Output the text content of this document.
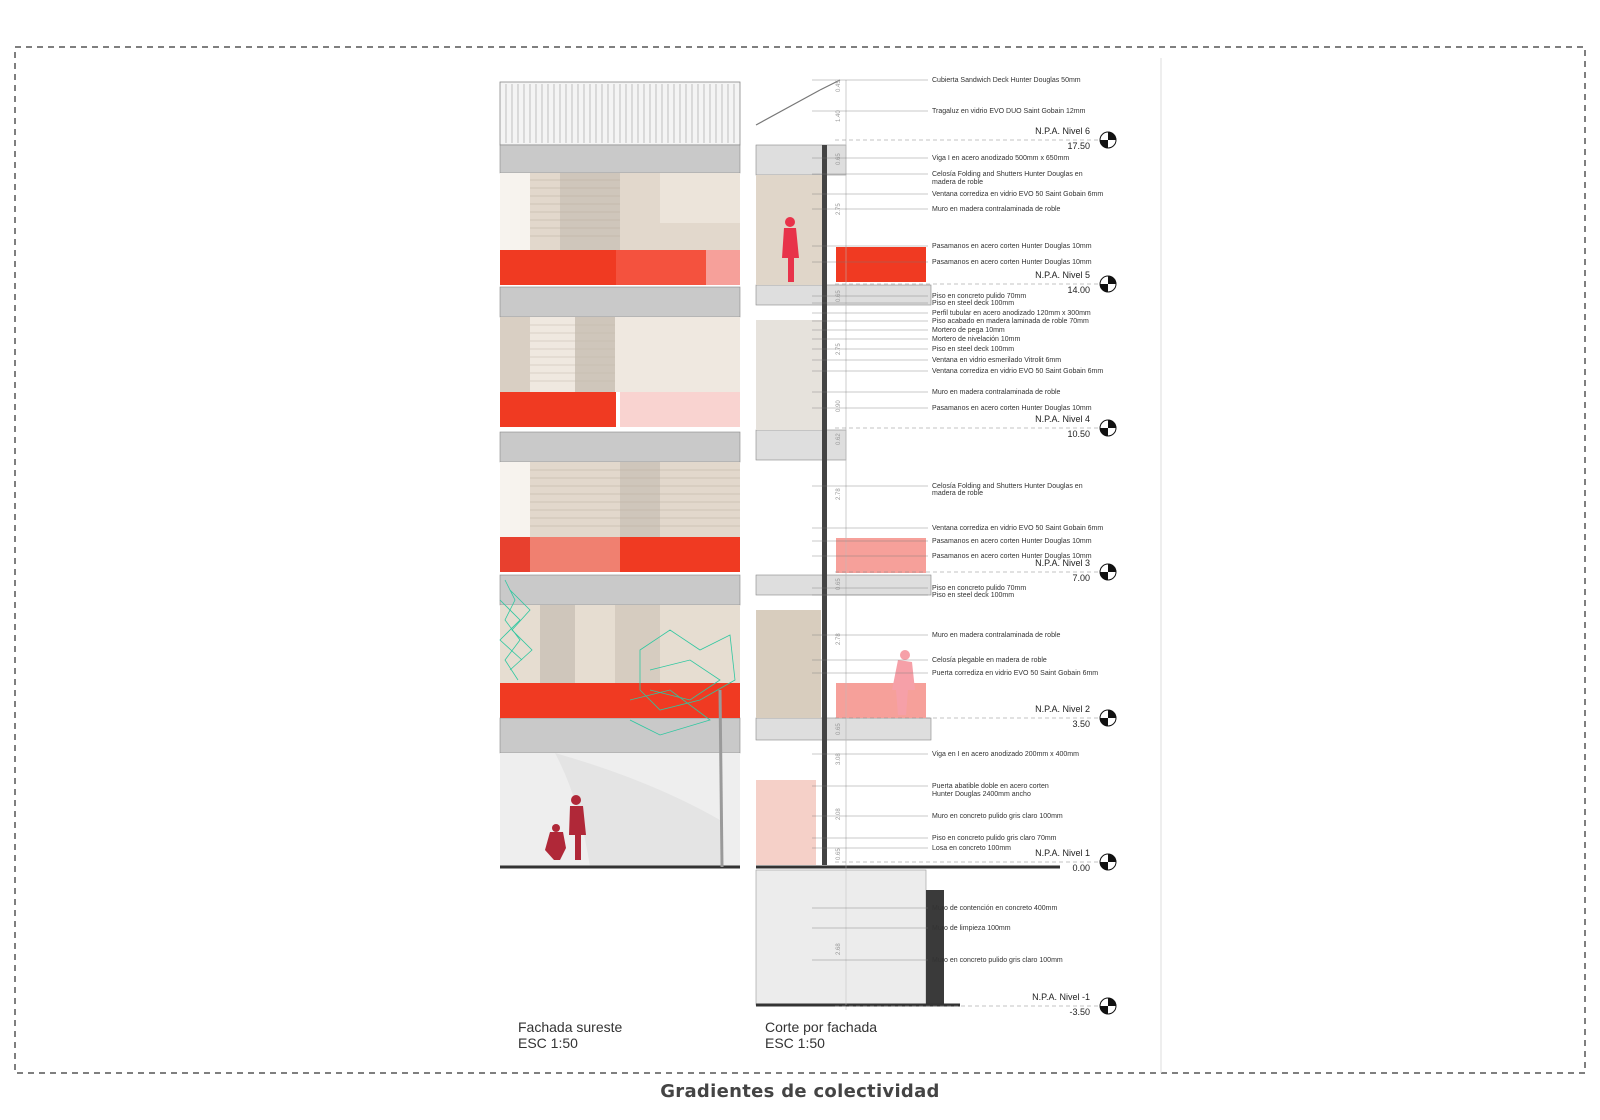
0.45
1.40
0.65
2.75
0.65
2.75
0.90
0.62
2.78
0.65
2.78
0.65
3.08
0.65
2.08
2.68
N.P.A. Nivel 6
17.50
N.P.A. Nivel 5
14.00
N.P.A. Nivel 4
10.50
N.P.A. Nivel 3
7.00
N.P.A. Nivel 2
3.50
N.P.A. Nivel 1
0.00
N.P.A. Nivel -1
-3.50
Cubierta Sandwich Deck Hunter Douglas 50mm
Tragaluz en vidrio EVO DUO Saint Gobain 12mm
Viga I en acero anodizado 500mm x 650mm
Celosía Folding and Shutters Hunter Douglas en
madera de roble
Ventana corrediza en vidrio EVO 50 Saint Gobain 6mm
Muro en madera contralaminada de roble
Pasamanos en acero corten Hunter Douglas 10mm
Pasamanos en acero corten Hunter Douglas 10mm
Piso en concreto pulido 70mm
Piso en steel deck 100mm
Perfil tubular en acero anodizado 120mm x 300mm
Piso acabado en madera laminada de roble 70mm
Mortero de pega 10mm
Mortero de nivelación 10mm
Piso en steel deck 100mm
Ventana en vidrio esmerilado Vitrolit 6mm
Ventana corrediza en vidrio EVO 50 Saint Gobain 6mm
Muro en madera contralaminada de roble
Pasamanos en acero corten Hunter Douglas 10mm
Celosía Folding and Shutters Hunter Douglas en
madera de roble
Ventana corrediza en vidrio EVO 50 Saint Gobain 6mm
Pasamanos en acero corten Hunter Douglas 10mm
Pasamanos en acero corten Hunter Douglas 10mm
Piso en concreto pulido 70mm
Piso en steel deck 100mm
Muro en madera contralaminada de roble
Celosía plegable en madera de roble
Puerta corrediza en vidrio EVO 50 Saint Gobain 6mm
Viga en I en acero anodizado 200mm x 400mm
Puerta abatible doble en acero corten
Hunter Douglas 2400mm ancho
Muro en concreto pulido gris claro 100mm
Piso en concreto pulido gris claro 70mm
Losa en concreto 100mm
Muro de contención en concreto 400mm
Muro de limpieza 100mm
Muro en concreto pulido gris claro 100mm
Fachada sureste
ESC 1:50
Corte por fachada
ESC 1:50
Gradientes de colectividad
